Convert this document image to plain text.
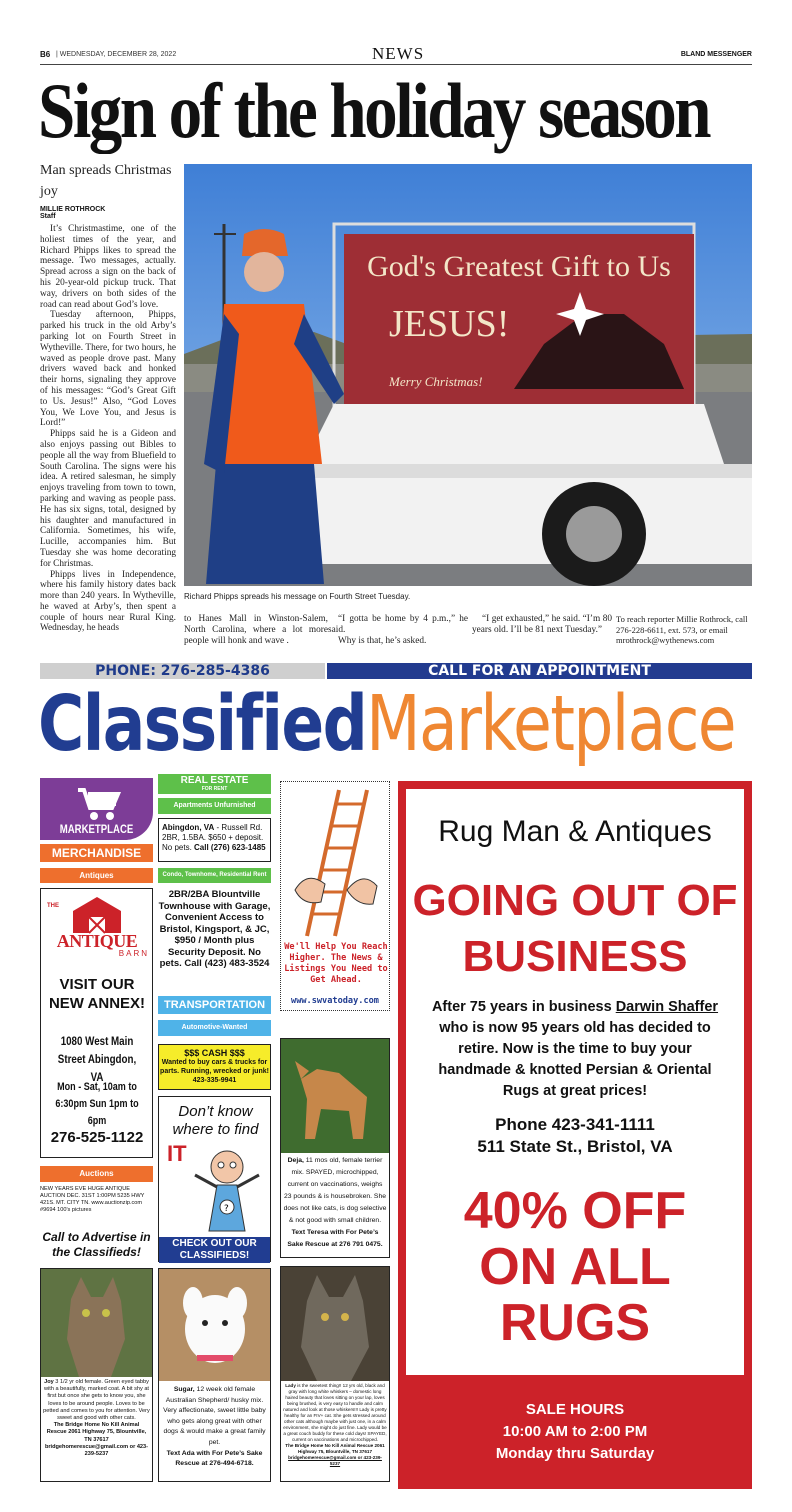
B6 | WEDNESDAY, DECEMBER 28, 2022	NEWS	BLAND MESSENGER
Sign of the holiday season
Man spreads Christmas joy
MILLIE ROTHROCK
Staff

It’s Christmastime, one of the holiest times of the year, and Richard Phipps likes to spread the message. Two messages, actually. Spread across a sign on the back of his 20-year-old pickup truck. That way, drivers on both sides of the road can read about God’s love.

Tuesday afternoon, Phipps, parked his truck in the old Arby’s parking lot on Fourth Street in Wytheville. There, for two hours, he waved as people drove past. Many drivers waved back and honked their horns, signaling they approve of his messages: “God’s Great Gift to Us. Jesus!” Also, “God Loves You, We Love You, and Jesus is Lord!”

Phipps said he is a Gideon and also enjoys passing out Bibles to people all the way from Bluefield to South Carolina. The signs were his idea. A retired salesman, he simply enjoys traveling from town to town, parking and waving as people pass. He has six signs, total, designed by his daughter and manufactured in California. Sometimes, his wife, Lucille, accompanies him. But Tuesday she was home decorating for Christmas.

Phipps lives in Independence, where his family history dates back more than 240 years. In Wytheville, he waved at Arby’s, then spent a couple of hours near Rural King. Wednesday, he heads

God's Greatest Gift to Us
JESUS!
Merry Christmas!
Richard Phipps spreads his message on Fourth Street Tuesday.

to Hanes Mall in Winston-Salem, North Carolina, where a lot more people will honk and wave .

“I gotta be home by 4 p.m.,” he said.

Why is that, he’s asked.

“I get exhausted,” he said. “I’m 80 years old. I’ll be 81 next Tuesday.”

To reach reporter Millie Rothrock, call 276-228-6611, ext. 573, or email mrothrock@wythenews.com
PHONE: 276-285-4386	CALL FOR AN APPOINTMENT
ClassifiedMarketplace
MARKETPLACE
MERCHANDISE
Antiques
THE
ANTIQUE
BARN
VISIT OUR NEW ANNEX!
1080 West Main Street Abingdon, VA
Mon - Sat, 10am to 6:30pm Sun 1pm to 6pm
276-525-1122
Auctions
NEW YEARS EVE HUGE ANTIQUE AUCTION DEC. 31ST 1:00PM 5235 HWY 421S. MT. CITY TN. www.auctionzip.com #9694 100's pictures
Call to Advertise in the Classifieds!
Joy 3 1/2 yr old female. Green eyed tabby with a beautifully, marked coat. A bit shy at first but once she gets to know you, she loves to be around people. Loves to be petted and comes to you for attention. Very sweet and good with other cats.
The Bridge Home No Kill Animal Rescue 2061 Highway 75, Blountville, TN 37617 bridgehomerescue@gmail.com or 423-239-5237
REAL ESTATE
FOR RENT
Apartments Unfurnished
Abingdon, VA - Russell Rd. 2BR, 1.5BA. $650 + deposit. No pets. Call (276) 623-1485
Condo, Townhome, Residential Rent
2BR/2BA Blountville Townhouse with Garage, Convenient Access to Bristol, Kingsport, & JC, $950 / Month plus Security Deposit. No pets. Call (423) 483-3524
TRANSPORTATION
Automotive-Wanted
$$$ CASH $$$
Wanted to buy cars & trucks for parts. Running, wrecked or junk! 423-335-9941
Don’t know where to find
IT
?
CHECK OUT OUR CLASSIFIEDS!
Sugar, 12 week old female Australian Shepherd/ husky mix. Very affectionate, sweet little baby who gets along great with other dogs & would make a great family pet.
Text Ada with For Pete’s Sake Rescue at 276-494-6718.
We'll Help You Reach Higher. The News & Listings You Need to Get Ahead.
www.swvatoday.com
Deja, 11 mos old, female terrier mix. SPAYED, microchipped, current on vaccinations, weighs 23 pounds & is housebroken. She does not like cats, is dog selective & not good with small children.
Text Teresa with For Pete’s Sake Rescue at 276 791 0475.
Lady is the sweetest thing!! 12 yrs old, black and gray with long white whiskers – domestic long haired beauty that loves sitting on your lap, loves being brushed, is very easy to handle and calm natured and look at those whiskers!!! Lady is pretty healthy for an FIV+ cat. She gets stressed around other cats although maybe with just one, in a calm environment, she might do just fine. Lady would be a great couch buddy for these cold days! SPAYED, current on vaccinations and microchipped.
The Bridge Home No Kill Animal Rescue 2061 Highway 75, Blountville, TN 37617
bridgehomerescue@gmail.com or 423-239-5237
Rug Man & Antiques
GOING OUT OF BUSINESS
After 75 years in business Darwin Shaffer who is now 95 years old has decided to retire. Now is the time to buy your handmade & knotted Persian & Oriental Rugs at great prices!
Phone 423-341-1111
511 State St., Bristol, VA
40% OFF ON ALL RUGS
SALE HOURS
10:00 AM to 2:00 PM
Monday thru Saturday
